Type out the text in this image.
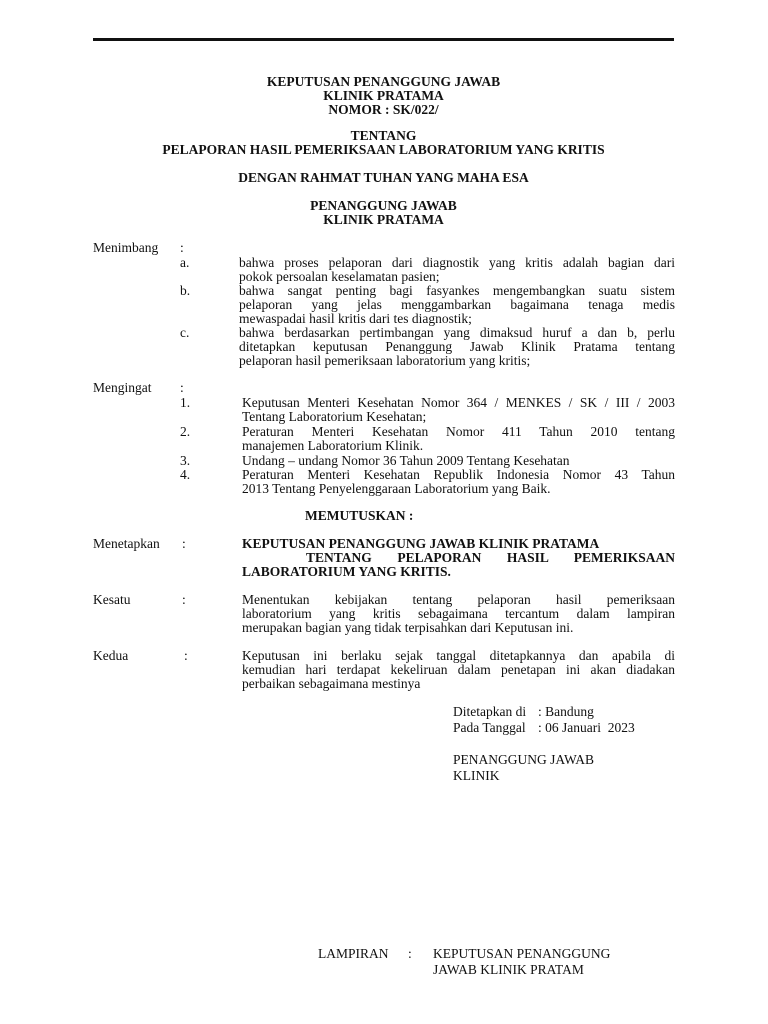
KEPUTUSAN PENANGGUNG JAWAB
KLINIK PRATAMA
NOMOR : SK/022/
TENTANG
PELAPORAN HASIL PEMERIKSAAN LABORATORIUM YANG KRITIS
DENGAN RAHMAT TUHAN YANG MAHA ESA
PENANGGUNG JAWAB
KLINIK PRATAMA
Menimbang :
a.	bahwa proses pelaporan dari diagnostik yang kritis adalah bagian dari
pokok persoalan keselamatan pasien;
b.	bahwa sangat penting bagi fasyankes mengembangkan suatu sistem
pelaporan yang jelas menggambarkan bagaimana tenaga medis
mewaspadai hasil kritis dari tes diagnostik;
c.	bahwa berdasarkan pertimbangan yang dimaksud huruf a dan b, perlu
ditetapkan keputusan Penanggung Jawab Klinik Pratama tentang
pelaporan hasil pemeriksaan laboratorium yang kritis;
Mengingat :
1.	Keputusan Menteri Kesehatan Nomor 364 / MENKES / SK / III / 2003
Tentang Laboratorium Kesehatan;
2.	Peraturan Menteri Kesehatan Nomor 411 Tahun 2010 tentang
manajemen Laboratorium Klinik.
3.	Undang – undang Nomor 36 Tahun 2009 Tentang Kesehatan
4.	Peraturan Menteri Kesehatan Republik Indonesia Nomor 43 Tahun
2013 Tentang Penyelenggaraan Laboratorium yang Baik.
MEMUTUSKAN :
Menetapkan :	KEPUTUSAN PENANGGUNG JAWAB KLINIK PRATAMA
TENTANG PELAPORAN HASIL PEMERIKSAAN
LABORATORIUM YANG KRITIS.
Kesatu	:	Menentukan kebijakan tentang pelaporan hasil pemeriksaan
laboratorium yang kritis sebagaimana tercantum dalam lampiran
merupakan bagian yang tidak terpisahkan dari Keputusan ini.
Kedua	:	Keputusan ini berlaku sejak tanggal ditetapkannya dan apabila di
kemudian hari terdapat kekeliruan dalam penetapan ini akan diadakan
perbaikan sebagaimana mestinya
Ditetapkan di : Bandung
Pada Tanggal : 06 Januari  2023
PENANGGUNG JAWAB
KLINIK
LAMPIRAN : KEPUTUSAN PENANGGUNG
JAWAB KLINIK PRATAM
